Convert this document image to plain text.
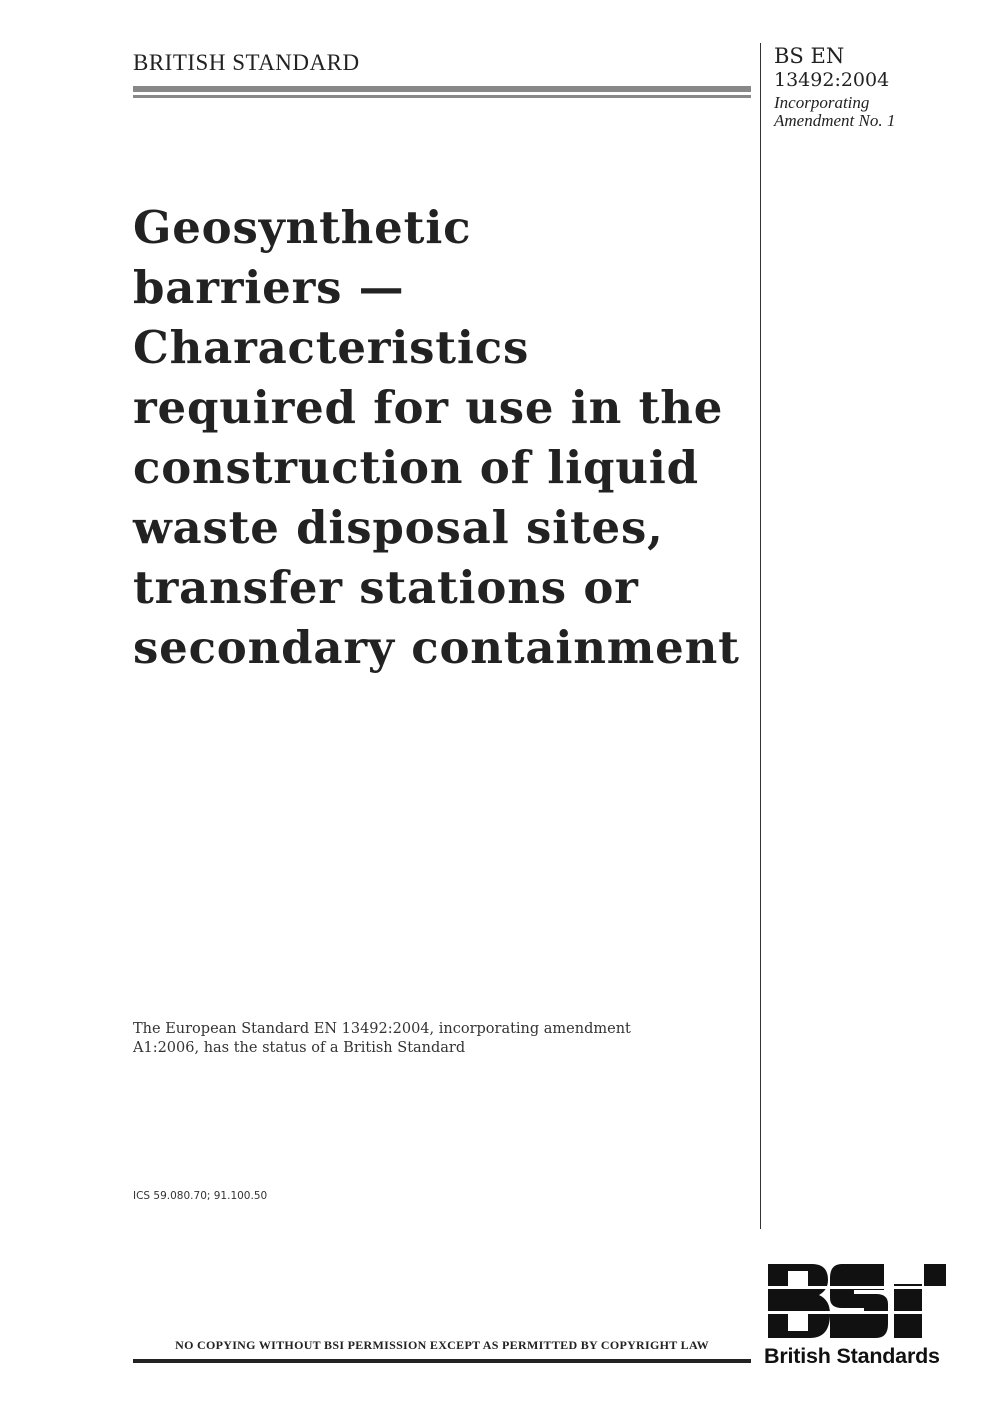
BRITISH STANDARD	BS EN
13492:2004
Incorporating
Amendment No. 1
Geosynthetic
barriers —
Characteristics
required for use in the
construction of liquid
waste disposal sites,
transfer stations or
secondary containment
The European Standard EN 13492:2004, incorporating amendment
A1:2006, has the status of a British Standard
ICS 59.080.70; 91.100.50
NO COPYING WITHOUT BSI PERMISSION EXCEPT AS PERMITTED BY COPYRIGHT LAW	British Standards
